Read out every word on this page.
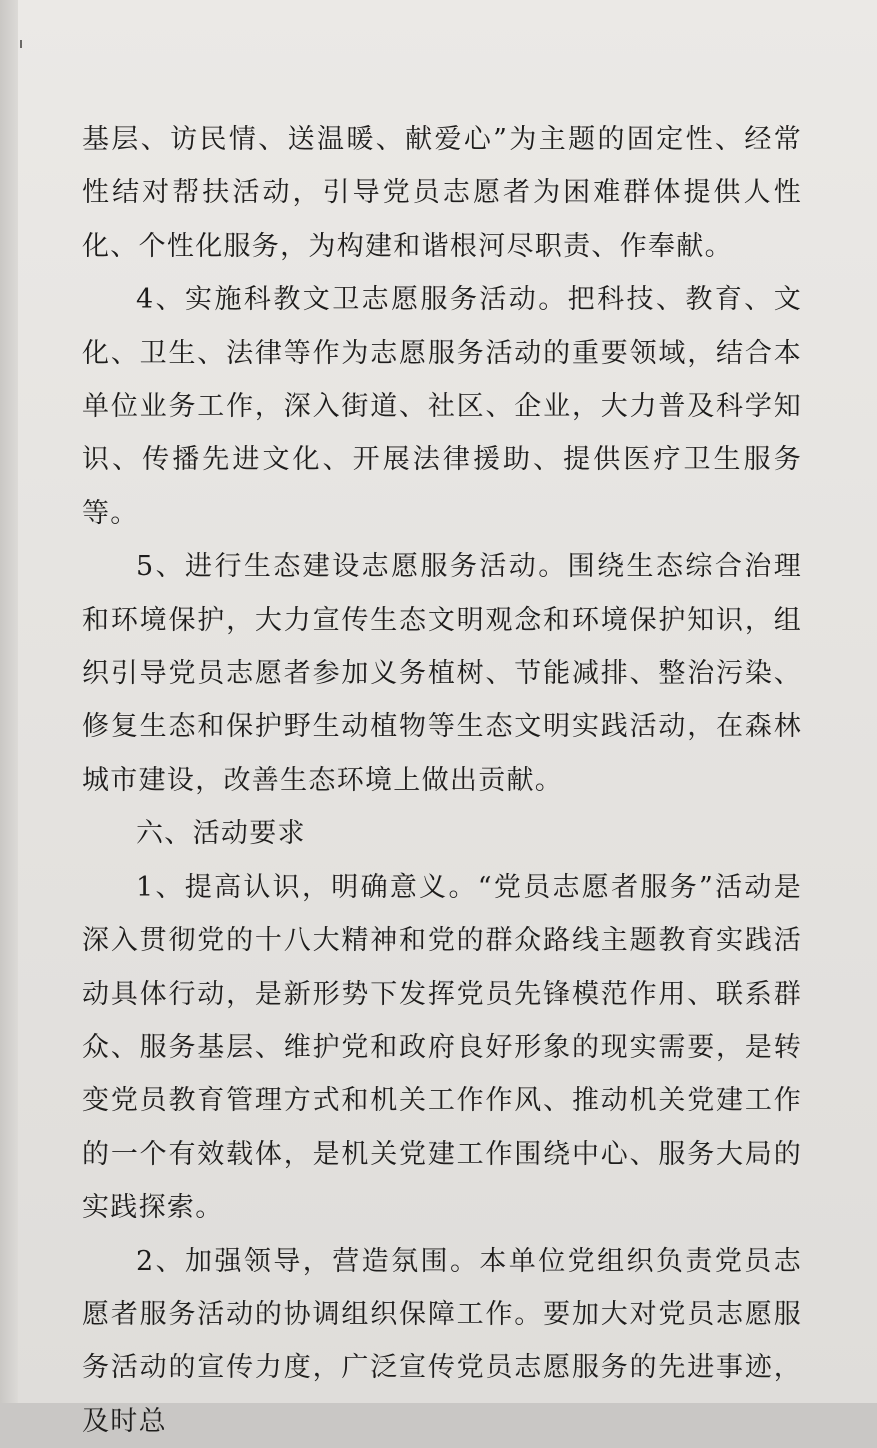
基层、访民情、送温暖、献爱心”为主题的固定性、经常性结对帮扶活动，引导党员志愿者为困难群体提供人性化、个性化服务，为构建和谐根河尽职责、作奉献。

4、实施科教文卫志愿服务活动。把科技、教育、文化、卫生、法律等作为志愿服务活动的重要领域，结合本单位业务工作，深入街道、社区、企业，大力普及科学知识、传播先进文化、开展法律援助、提供医疗卫生服务等。

5、进行生态建设志愿服务活动。围绕生态综合治理和环境保护，大力宣传生态文明观念和环境保护知识，组织引导党员志愿者参加义务植树、节能减排、整治污染、修复生态和保护野生动植物等生态文明实践活动，在森林城市建设，改善生态环境上做出贡献。

六、活动要求

1、提高认识，明确意义。“党员志愿者服务”活动是深入贯彻党的十八大精神和党的群众路线主题教育实践活动具体行动，是新形势下发挥党员先锋模范作用、联系群众、服务基层、维护党和政府良好形象的现实需要，是转变党员教育管理方式和机关工作作风、推动机关党建工作的一个有效载体，是机关党建工作围绕中心、服务大局的实践探索。

2、加强领导，营造氛围。本单位党组织负责党员志愿者服务活动的协调组织保障工作。要加大对党员志愿服务活动的宣传力度，广泛宣传党员志愿服务的先进事迹，及时总
